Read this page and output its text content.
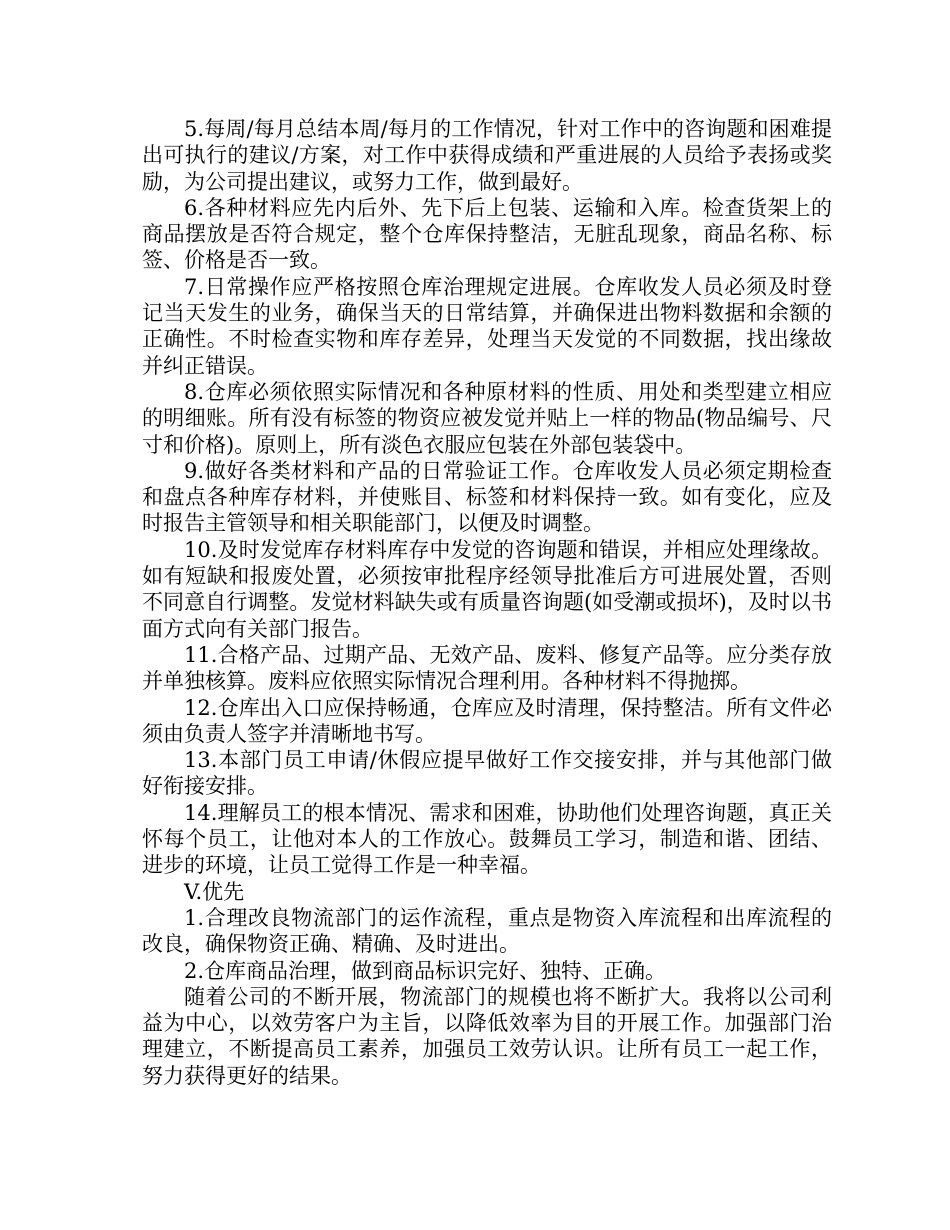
5.每周/每月总结本周/每月的工作情况，针对工作中的咨询题和困难提出可执行的建议/方案，对工作中获得成绩和严重进展的人员给予表扬或奖励，为公司提出建议，或努力工作，做到最好。

6.各种材料应先内后外、先下后上包装、运输和入库。检查货架上的商品摆放是否符合规定，整个仓库保持整洁，无脏乱现象，商品名称、标签、价格是否一致。

7.日常操作应严格按照仓库治理规定进展。仓库收发人员必须及时登记当天发生的业务，确保当天的日常结算，并确保进出物料数据和余额的正确性。不时检查实物和库存差异，处理当天发觉的不同数据，找出缘故并纠正错误。

8.仓库必须依照实际情况和各种原材料的性质、用处和类型建立相应的明细账。所有没有标签的物资应被发觉并贴上一样的物品(物品编号、尺寸和价格)。原则上，所有淡色衣服应包装在外部包装袋中。

9.做好各类材料和产品的日常验证工作。仓库收发人员必须定期检查和盘点各种库存材料，并使账目、标签和材料保持一致。如有变化，应及时报告主管领导和相关职能部门，以便及时调整。

10.及时发觉库存材料库存中发觉的咨询题和错误，并相应处理缘故。如有短缺和报废处置，必须按审批程序经领导批准后方可进展处置，否则不同意自行调整。发觉材料缺失或有质量咨询题(如受潮或损坏)，及时以书面方式向有关部门报告。

11.合格产品、过期产品、无效产品、废料、修复产品等。应分类存放并单独核算。废料应依照实际情况合理利用。各种材料不得抛掷。

12.仓库出入口应保持畅通，仓库应及时清理，保持整洁。所有文件必须由负责人签字并清晰地书写。

13.本部门员工申请/休假应提早做好工作交接安排，并与其他部门做好衔接安排。

14.理解员工的根本情况、需求和困难，协助他们处理咨询题，真正关怀每个员工，让他对本人的工作放心。鼓舞员工学习，制造和谐、团结、进步的环境，让员工觉得工作是一种幸福。

V.优先

1.合理改良物流部门的运作流程，重点是物资入库流程和出库流程的改良，确保物资正确、精确、及时进出。

2.仓库商品治理，做到商品标识完好、独特、正确。

随着公司的不断开展，物流部门的规模也将不断扩大。我将以公司利益为中心，以效劳客户为主旨，以降低效率为目的开展工作。加强部门治理建立，不断提高员工素养，加强员工效劳认识。让所有员工一起工作，努力获得更好的结果。
